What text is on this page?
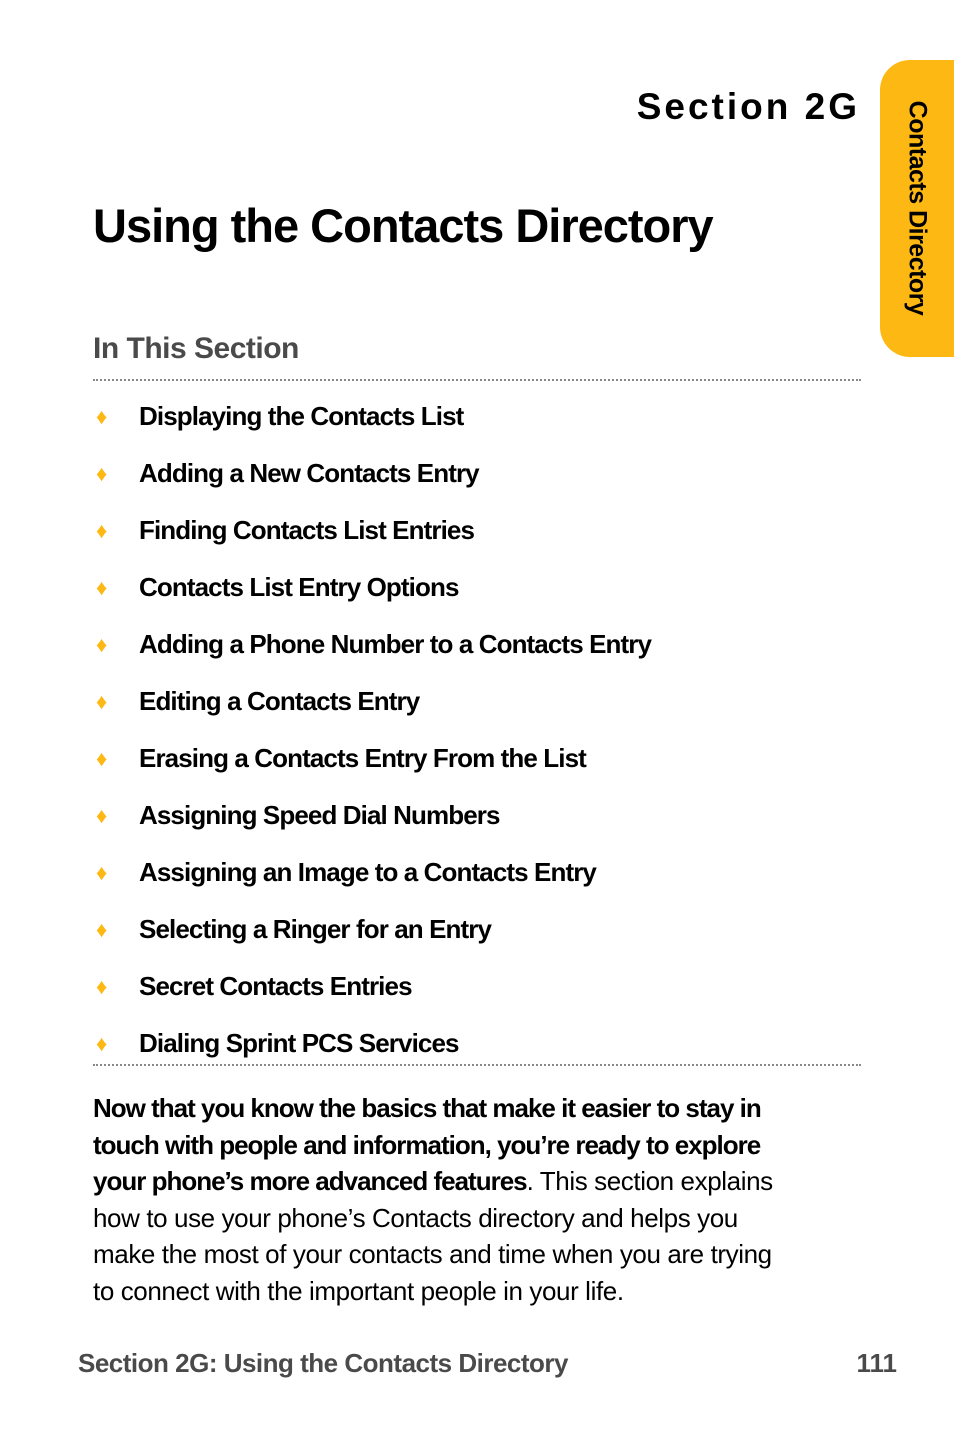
Contacts Directory
Section 2G
Using the Contacts Directory
In This Section
♦	Displaying the Contacts List
♦	Adding a New Contacts Entry
♦	Finding Contacts List Entries
♦	Contacts List Entry Options
♦	Adding a Phone Number to a Contacts Entry
♦	Editing a Contacts Entry
♦	Erasing a Contacts Entry From the List
♦	Assigning Speed Dial Numbers
♦	Assigning an Image to a Contacts Entry
♦	Selecting a Ringer for an Entry
♦	Secret Contacts Entries
♦	Dialing Sprint PCS Services

Now that you know the basics that make it easier to stay in touch with people and information, you’re ready to explore your phone’s more advanced features. This section explains how to use your phone’s Contacts directory and helps you make the most of your contacts and time when you are trying to connect with the important people in your life.

Section 2G: Using the Contacts Directory	111
